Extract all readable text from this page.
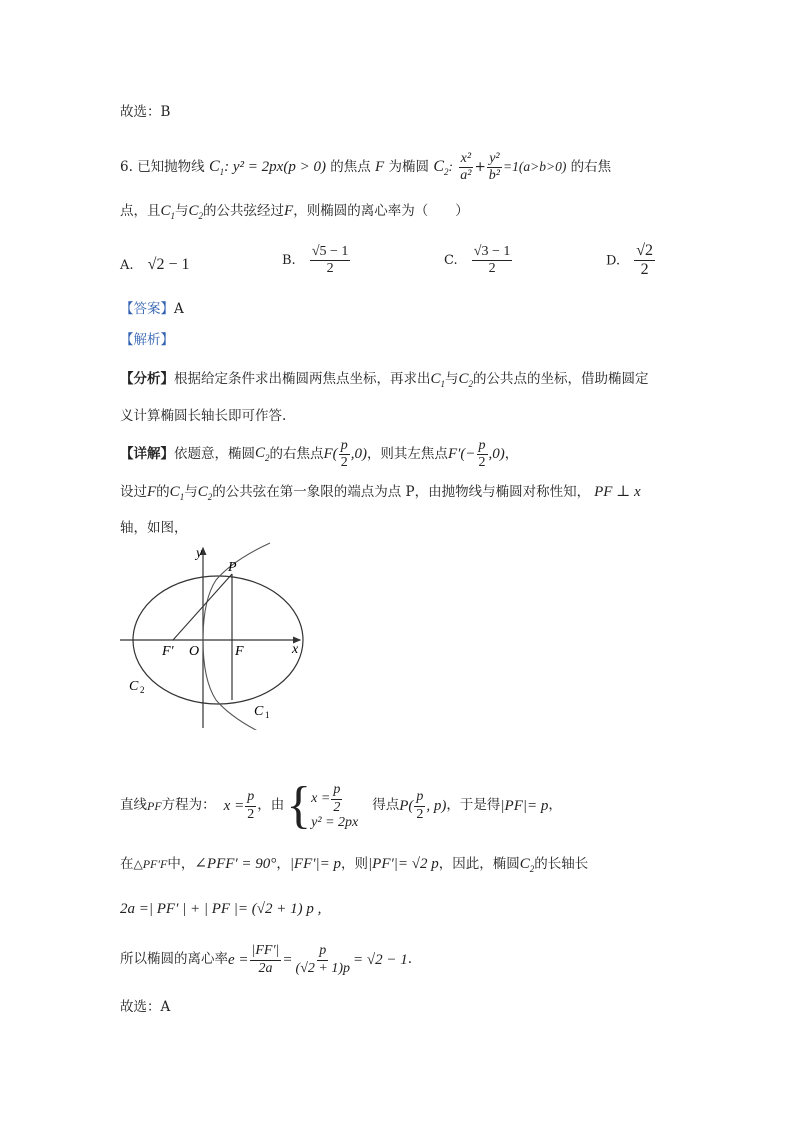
故选：B
6. 已知抛物线 $C_1$: y² = 2px(p > 0) 的焦点 F 为椭圆 $C_2$: $\frac{\text{x²}}{\text{a²}} + \frac{\text{y²}}{\text{b²}} =1(a>b>0)$ 的右焦
点，且$C_1$与$C_2$的公共弦经过F，则椭圆的离心率为（　　）
A. √2 − 1	B. $\frac{√5 - 1}{2}$	C. $\frac{√3 - 1}{2}$	D. $\frac{√2}{2}$
【答案】A
【解析】
【分析】根据给定条件求出椭圆两焦点坐标，再求出$C_1$与$C_2$的公共点的坐标，借助椭圆定
义计算椭圆长轴长即可作答.
【详解】依题意，椭圆$C_2$的右焦点$F( \frac{p}{2} ,0)$，则其左焦点$F'(- \frac{p}{2} ,0)$，
设过F的$C_1$与$C_2$的公共弦在第一象限的端点为点 P，由抛物线与椭圆对称性知， PF ⊥ x
轴，如图，
y
x
P
F′ O	F
C 2
C 1
直线 PF 方程为： $x = \frac{p}{2}$ ，由 { $x = \frac{p}{2}$
y² = 2px
得点 $P( \frac{p}{2}$ , p) ，于是得 |PF|= p ，
在△PF′F中，∠PFF′ = 90°，|FF′|= p，则|PF′|= √2 p，因此，椭圆$C_2$的长轴长
2a =| PF′ | + | PF |= (√2 + 1) p ,
所以椭圆的离心率 $e = \frac{|FF'|}{2a} = \frac{p}{(√2 + 1)p} = √2 - 1$ .
故选：A
